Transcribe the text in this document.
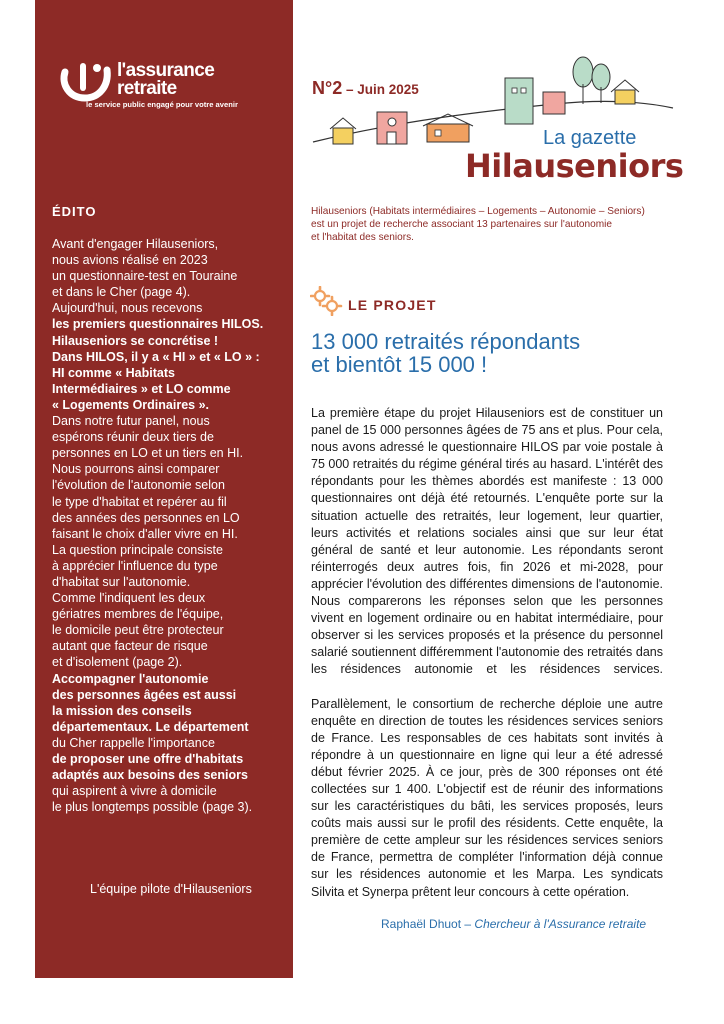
l'assurance
retraite
le service public engagé pour votre avenir
ÉDITO

Avant d'engager Hilauseniors,

nous avions réalisé en 2023

un questionnaire-test en Touraine

et dans le Cher (page 4).

Aujourd'hui, nous recevons

les premiers questionnaires HILOS.

Hilauseniors se concrétise !

Dans HILOS, il y a « HI » et « LO » :

HI comme « Habitats

Intermédiaires » et LO comme

« Logements Ordinaires ».

Dans notre futur panel, nous

espérons réunir deux tiers de

personnes en LO et un tiers en HI.

Nous pourrons ainsi comparer

l'évolution de l'autonomie selon

le type d'habitat et repérer au fil

des années des personnes en LO

faisant le choix d'aller vivre en HI.

La question principale consiste

à apprécier l'influence du type

d'habitat sur l'autonomie.

Comme l'indiquent les deux

gériatres membres de l'équipe,

le domicile peut être protecteur

autant que facteur de risque

et d'isolement (page 2).

Accompagner l'autonomie

des personnes âgées est aussi

la mission des conseils

départementaux. Le département

du Cher rappelle l'importance

de proposer une offre d'habitats

adaptés aux besoins des seniors

qui aspirent à vivre à domicile

le plus longtemps possible (page 3).

L'équipe pilote d'Hilauseniors
N°2 – Juin 2025
La gazette
Hilauseniors

Hilauseniors (Habitats intermédiaires – Logements – Autonomie – Seniors)

est un projet de recherche associant 13 partenaires sur l'autonomie

et l'habitat des seniors.

LE PROJET

13 000 retraités répondants

et bientôt 15 000 !

La première étape du projet Hilauseniors est de constituer un panel de 15 000 personnes âgées de 75 ans et plus. Pour cela, nous avons adressé le questionnaire HILOS par voie postale à 75 000 retraités du régime général tirés au hasard. L'intérêt des répondants pour les thèmes abordés est manifeste : 13 000 questionnaires ont déjà été retournés. L'enquête porte sur la situation actuelle des retraités, leur logement, leur quartier, leurs activités et relations sociales ainsi que sur leur état général de santé et leur autonomie. Les répondants seront réinterrogés deux autres fois, fin 2026 et mi-2028, pour apprécier l'évolution des différentes dimensions de l'autonomie. Nous comparerons les réponses selon que les personnes vivent en logement ordinaire ou en habitat intermédiaire, pour observer si les services proposés et la présence du personnel salarié soutiennent différemment l'autonomie des retraités dans les résidences autonomie et les résidences services.

Parallèlement, le consortium de recherche déploie une autre enquête en direction de toutes les résidences services seniors de France. Les responsables de ces habitats sont invités à répondre à un questionnaire en ligne qui leur a été adressé début février 2025. À ce jour, près de 300 réponses ont été collectées sur 1 400. L'objectif est de réunir des informations sur les caractéristiques du bâti, les services proposés, leurs coûts mais aussi sur le profil des résidents. Cette enquête, la première de cette ampleur sur les résidences services seniors de France, permettra de compléter l'information déjà connue sur les résidences autonomie et les Marpa. Les syndicats Silvita et Synerpa prêtent leur concours à cette opération.

Raphaël Dhuot – Chercheur à l'Assurance retraite
